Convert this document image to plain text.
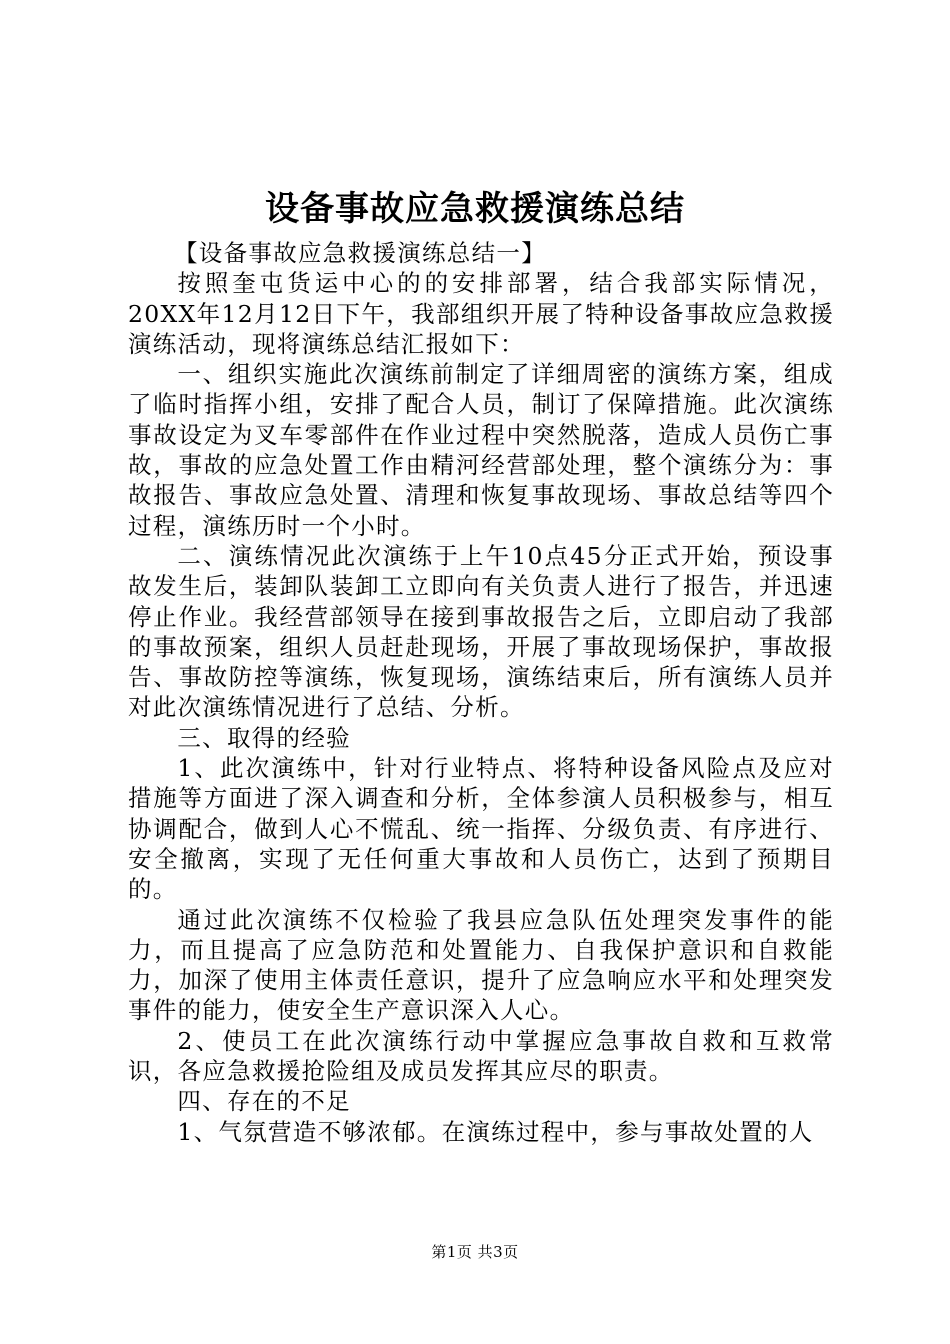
设备事故应急救援演练总结

【设备事故应急救援演练总结一】

按照奎屯货运中心的的安排部署，结合我部实际情况，20XX年12月12日下午，我部组织开展了特种设备事故应急救援演练活动，现将演练总结汇报如下：

一、组织实施此次演练前制定了详细周密的演练方案，组成了临时指挥小组，安排了配合人员，制订了保障措施。此次演练事故设定为叉车零部件在作业过程中突然脱落，造成人员伤亡事故，事故的应急处置工作由精河经营部处理，整个演练分为：事故报告、事故应急处置、清理和恢复事故现场、事故总结等四个过程，演练历时一个小时。

二、演练情况此次演练于上午10点45分正式开始，预设事故发生后，装卸队装卸工立即向有关负责人进行了报告，并迅速停止作业。我经营部领导在接到事故报告之后，立即启动了我部的事故预案，组织人员赶赴现场，开展了事故现场保护，事故报告、事故防控等演练，恢复现场，演练结束后，所有演练人员并对此次演练情况进行了总结、分析。

三、取得的经验

1、此次演练中，针对行业特点、将特种设备风险点及应对措施等方面进了深入调查和分析，全体参演人员积极参与，相互协调配合，做到人心不慌乱、统一指挥、分级负责、有序进行、安全撤离，实现了无任何重大事故和人员伤亡，达到了预期目的。

通过此次演练不仅检验了我县应急队伍处理突发事件的能力，而且提高了应急防范和处置能力、自我保护意识和自救能力，加深了使用主体责任意识，提升了应急响应水平和处理突发事件的能力，使安全生产意识深入人心。

2、使员工在此次演练行动中掌握应急事故自救和互救常识，各应急救援抢险组及成员发挥其应尽的职责。

四、存在的不足

1、气氛营造不够浓郁。在演练过程中，参与事故处置的人

第1页 共3页
